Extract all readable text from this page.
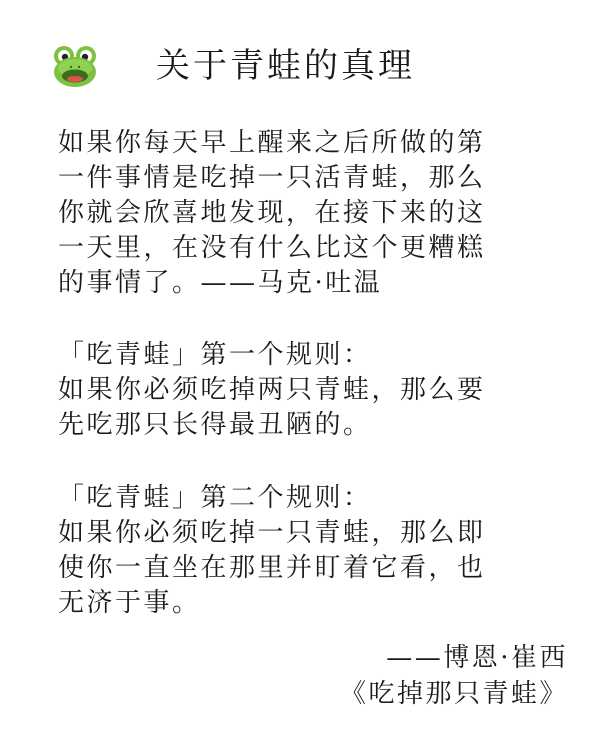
关于青蛙的真理

如果你每天早上醒来之后所做的第

一件事情是吃掉一只活青蛙，那么

你就会欣喜地发现，在接下来的这

一天里，在没有什么比这个更糟糕

的事情了。——马克·吐温

「吃青蛙」第一个规则：

如果你必须吃掉两只青蛙，那么要

先吃那只长得最丑陋的。

「吃青蛙」第二个规则：

如果你必须吃掉一只青蛙，那么即

使你一直坐在那里并盯着它看，也

无济于事。

——博恩·崔西

《吃掉那只青蛙》
